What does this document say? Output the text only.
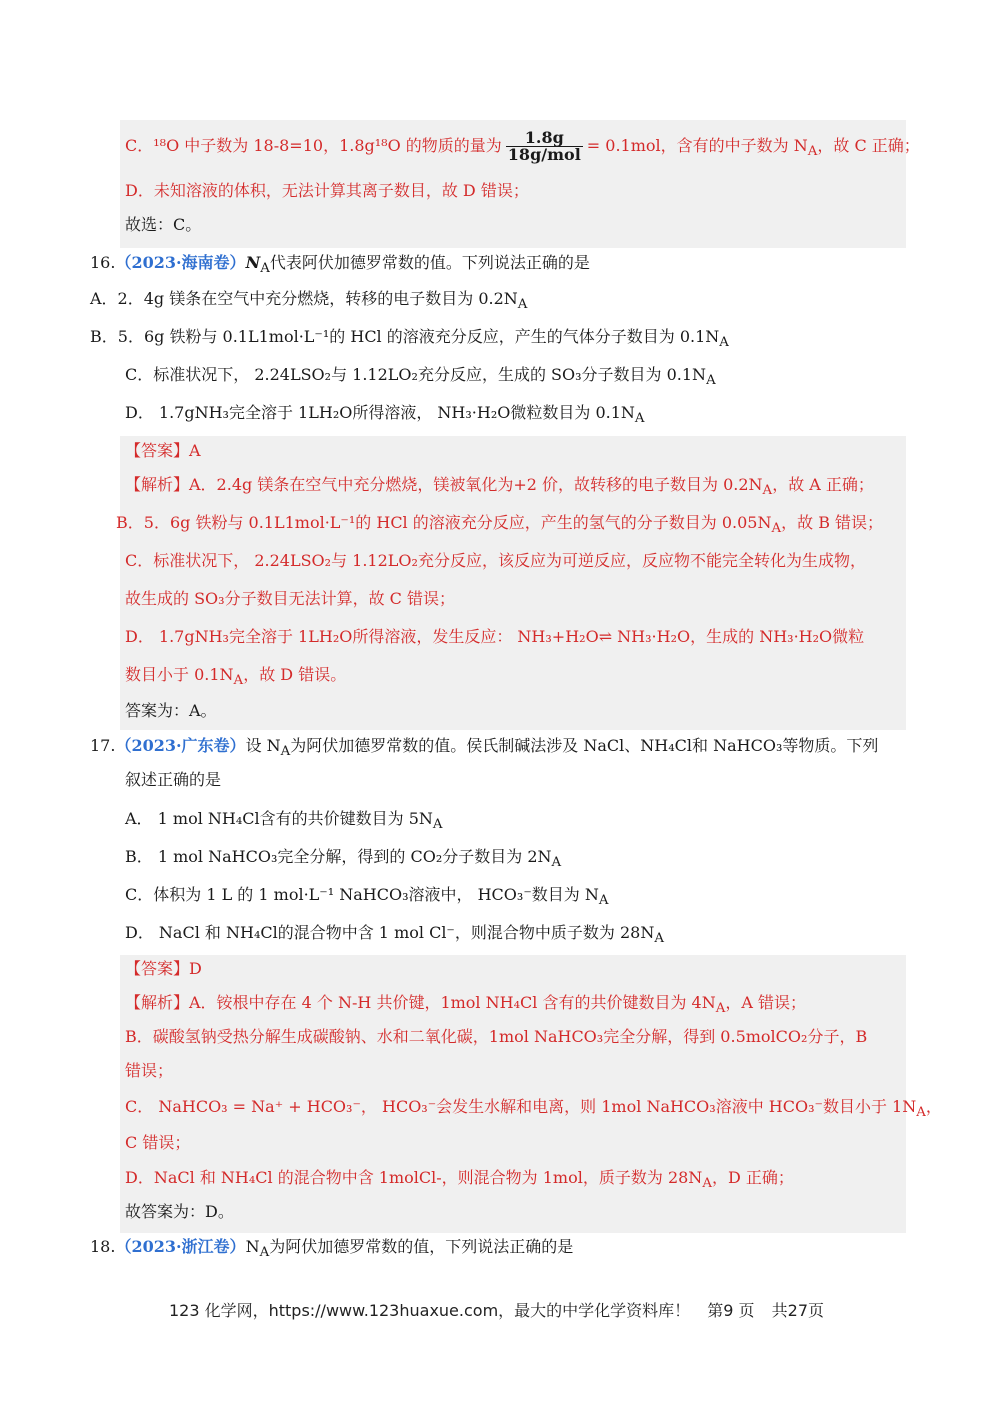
C．¹⁸O 中子数为 18-8=10，1.8g¹⁸O 的物质的量为 $\frac{1.8g}{\text{18g/mol}} = 0.1mol$，含有的中子数为 $N_A$，故 C 正确；
D．未知溶液的体积，无法计算其离子数目，故 D 错误；
故选：C。
16.（2023·海南卷）$N_A$代表阿伏加德罗常数的值。下列说法正确的是
A．2．4g 镁条在空气中充分燃烧，转移的电子数目为 $0.2N_A$
B．5．6g 铁粉与 0.1L1mol·L⁻¹的 HCl 的溶液充分反应，产生的气体分子数目为 $0.1N_A$
C．标准状况下， 2.24LSO₂与 1.12LO₂充分反应，生成的 SO₃分子数目为 $0.1N_A$
D． 1.7gNH₃完全溶于 1LH₂O所得溶液， NH₃·H₂O微粒数目为 $0.1N_A$
【答案】A
【解析】A．2.4g 镁条在空气中充分燃烧，镁被氧化为+2 价，故转移的电子数目为 $0.2N_A$，故 A 正确；
B．5．6g 铁粉与 0.1L1mol·L⁻¹的 HCl 的溶液充分反应，产生的氢气的分子数目为 $0.05N_A$，故 B 错误；
C．标准状况下， 2.24LSO₂与 1.12LO₂充分反应，该反应为可逆反应，反应物不能完全转化为生成物，
故生成的 SO₃分子数目无法计算，故 C 错误；
D． 1.7gNH₃完全溶于 1LH₂O所得溶液，发生反应： NH₃+H₂O⇌ NH₃·H₂O，生成的 NH₃·H₂O微粒
数目小于 $0.1N_A$，故 D 错误。
答案为：A。
17.（2023·广东卷）设 $N_A$为阿伏加德罗常数的值。侯氏制碱法涉及 NaCl、NH₄Cl和 NaHCO₃等物质。下列
叙述正确的是
A． 1 mol NH₄Cl含有的共价键数目为 $5N_A$
B． 1 mol NaHCO₃完全分解，得到的 CO₂分子数目为 $2N_A$
C．体积为 1 L 的 1 mol·L⁻¹ NaHCO₃溶液中， HCO₃⁻数目为 $N_A$
D． NaCl 和 NH₄Cl的混合物中含 1 mol Cl⁻，则混合物中质子数为 $28N_A$
【答案】D
【解析】A．铵根中存在 4 个 N-H 共价键，1mol NH₄Cl 含有的共价键数目为 $4N_A$，A 错误；
B．碳酸氢钠受热分解生成碳酸钠、水和二氧化碳，1mol NaHCO₃完全分解，得到 0.5molCO₂分子，B
错误；
C． NaHCO₃ = Na⁺ + HCO₃⁻， HCO₃⁻会发生水解和电离，则 1mol NaHCO₃溶液中 HCO₃⁻数目小于 $1N_A$，
C 错误；
D．NaCl 和 NH₄Cl 的混合物中含 1molCl-，则混合物为 1mol，质子数为 $28N_A$，D 正确；
故答案为：D。
18.（2023·浙江卷）$N_A$为阿伏加德罗常数的值，下列说法正确的是
123 化学网，https://www.123huaxue.com，最大的中学化学资料库！ 第9 页 共27页
